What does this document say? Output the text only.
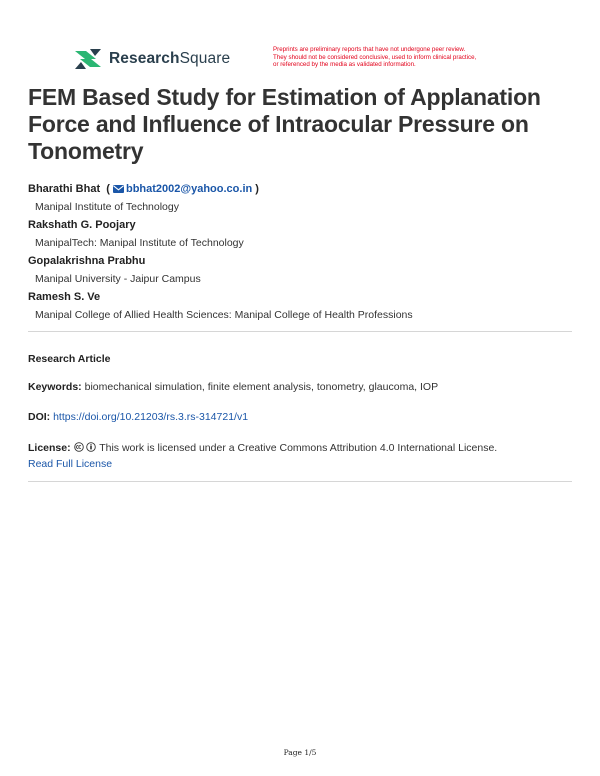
ResearchSquare
Preprints are preliminary reports that have not undergone peer review.
They should not be considered conclusive, used to inform clinical practice,
or referenced by the media as validated information.
FEM Based Study for Estimation of Applanation Force and Influence of Intraocular Pressure on Tonometry
Bharathi Bhat  ( bbhat2002@yahoo.co.in )
Manipal Institute of Technology
Rakshath G. Poojary
ManipalTech: Manipal Institute of Technology
Gopalakrishna Prabhu
Manipal University - Jaipur Campus
Ramesh S. Ve
Manipal College of Allied Health Sciences: Manipal College of Health Professions
Research Article
Keywords: biomechanical simulation, finite element analysis, tonometry, glaucoma, IOP
DOI: https://doi.org/10.21203/rs.3.rs-314721/v1
License:	This work is licensed under a Creative Commons Attribution 4.0 International License.
Read Full License
Page 1/5
